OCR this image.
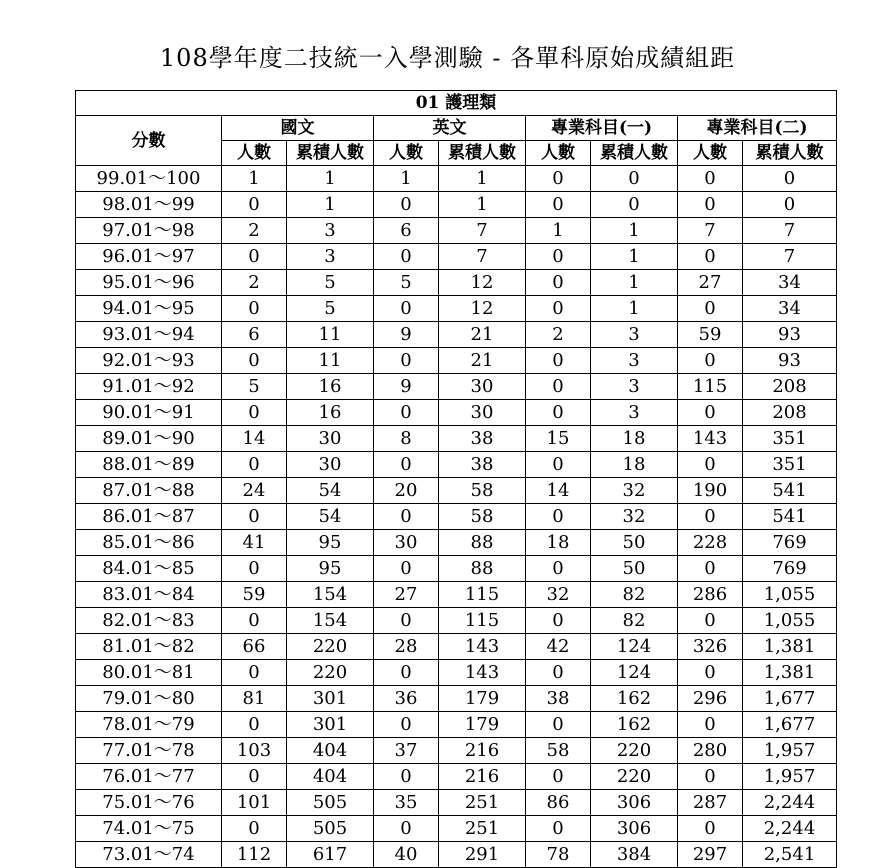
108學年度二技統一入學測驗 - 各單科原始成績組距
01 護理類								
分數	國文		英文		專業科目(一)		專業科目(二)	
	人數	累積人數	人數	累積人數	人數	累積人數	人數	累積人數
99.01～100	1	1	1	1	0	0	0	0
98.01～99	0	1	0	1	0	0	0	0
97.01～98	2	3	6	7	1	1	7	7
96.01～97	0	3	0	7	0	1	0	7
95.01～96	2	5	5	12	0	1	27	34
94.01～95	0	5	0	12	0	1	0	34
93.01～94	6	11	9	21	2	3	59	93
92.01～93	0	11	0	21	0	3	0	93
91.01～92	5	16	9	30	0	3	115	208
90.01～91	0	16	0	30	0	3	0	208
89.01～90	14	30	8	38	15	18	143	351
88.01～89	0	30	0	38	0	18	0	351
87.01～88	24	54	20	58	14	32	190	541
86.01～87	0	54	0	58	0	32	0	541
85.01～86	41	95	30	88	18	50	228	769
84.01～85	0	95	0	88	0	50	0	769
83.01～84	59	154	27	115	32	82	286	1,055
82.01～83	0	154	0	115	0	82	0	1,055
81.01～82	66	220	28	143	42	124	326	1,381
80.01～81	0	220	0	143	0	124	0	1,381
79.01～80	81	301	36	179	38	162	296	1,677
78.01～79	0	301	0	179	0	162	0	1,677
77.01～78	103	404	37	216	58	220	280	1,957
76.01～77	0	404	0	216	0	220	0	1,957
75.01～76	101	505	35	251	86	306	287	2,244
74.01～75	0	505	0	251	0	306	0	2,244
73.01～74	112	617	40	291	78	384	297	2,541
